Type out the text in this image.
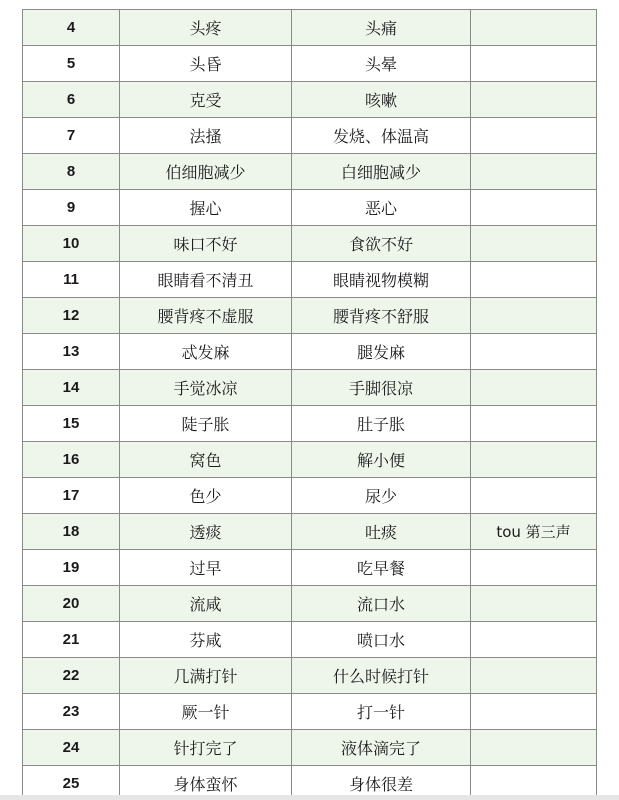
4	头疼	头痛	
5	头昏	头晕	
6	克受	咳嗽	
7	法搔	发烧、体温高	
8	伯细胞减少	白细胞减少	
9	握心	恶心	
10	味口不好	食欲不好	
11	眼睛看不清丑	眼睛视物模糊	
12	腰背疼不虚服	腰背疼不舒服	
13	忒发麻	腿发麻	
14	手觉冰凉	手脚很凉	
15	陡子胀	肚子胀	
16	窝色	解小便	
17	色少	尿少	
18	透痰	吐痰	tou 第三声
19	过早	吃早餐	
20	流咸	流口水	
21	芬咸	喷口水	
22	几满打针	什么时候打针	
23	厥一针	打一针	
24	针打完了	液体滴完了	
25	身体蛮怀	身体很差	
